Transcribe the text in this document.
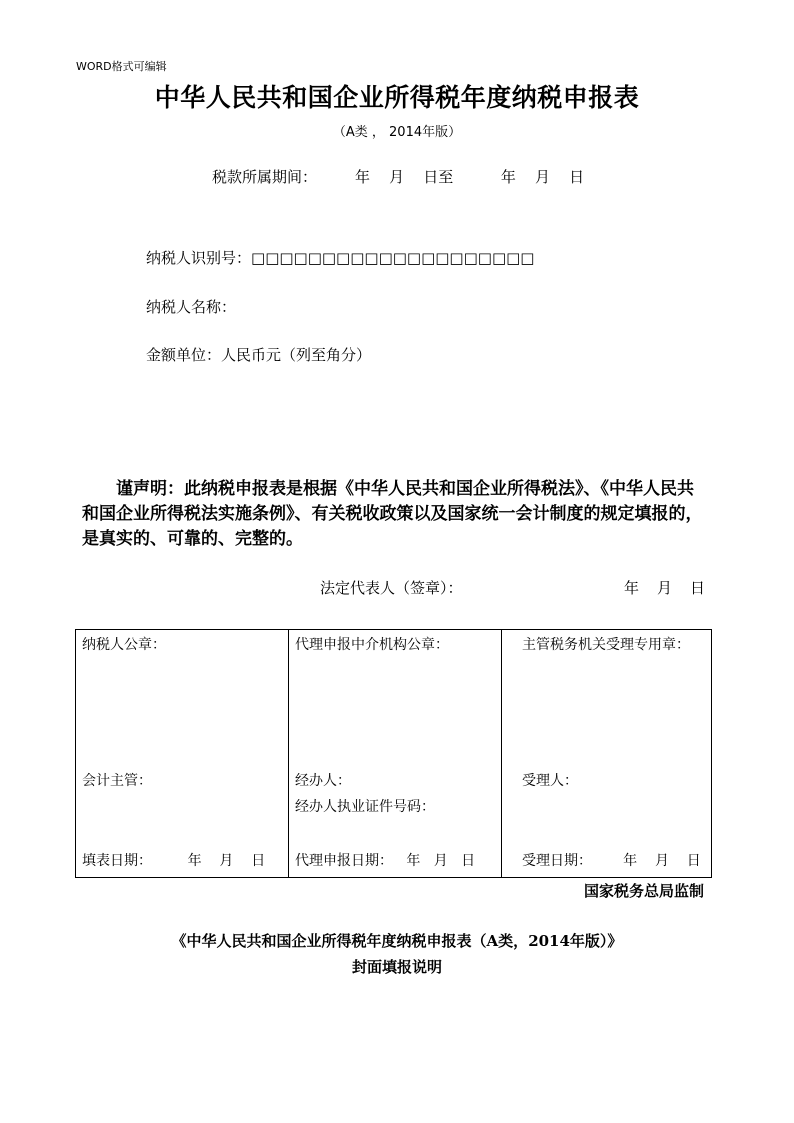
WORD格式可编辑
中华人民共和国企业所得税年度纳税申报表
（A类 ， 2014年版）
税款所属期间：	年 月 日至	年 月 日
纳税人识别号：□□□□□□□□□□□□□□□□□□□□
纳税人名称：
金额单位：人民币元（列至角分）

谨声明：此纳税申报表是根据《中华人民共和国企业所得税法》、《中华人民共和国企业所得税法实施条例》、有关税收政策以及国家统一会计制度的规定填报的，是真实的、可靠的、完整的。

法定代表人（签章）：	年 月 日
纳税人公章：
会计主管：
填表日期：	年 月 日

代理申报中介机构公章：
经办人：
经办人执业证件号码：
代理申报日期： 年 月 日

主管税务机关受理专用章：
受理人：
受理日期： 年 月 日
国家税务总局监制
《中华人民共和国企业所得税年度纳税申报表（A类，2014年版）》
封面填报说明
